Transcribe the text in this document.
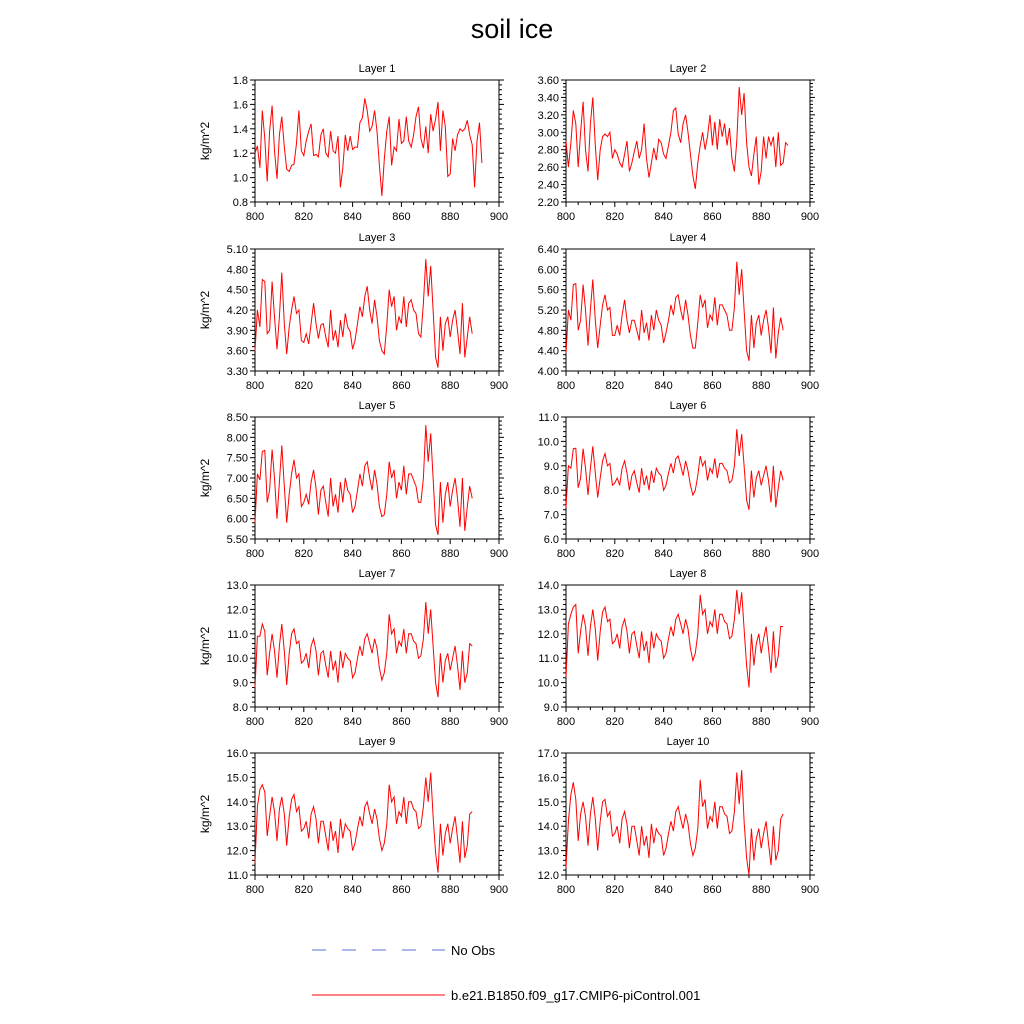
soil ice
Layer 1
kg/m^2
0.8
1.0
1.2
1.4
1.6
1.8
800	820	840	860	880	900
Layer 2
2.20
2.40
2.60
2.80
3.00
3.20
3.40
3.60
800	820	840	860	880	900
Layer 3
kg/m^2
3.30
3.60
3.90
4.20
4.50
4.80
5.10
800	820	840	860	880	900
Layer 4
4.00
4.40
4.80
5.20
5.60
6.00
6.40
800	820	840	860	880	900
Layer 5
kg/m^2
5.50
6.00
6.50
7.00
7.50
8.00
8.50
800	820	840	860	880	900
Layer 6
6.0
7.0
8.0
9.0
10.0
11.0
800	820	840	860	880	900
Layer 7
kg/m^2
8.0
9.0
10.0
11.0
12.0
13.0
800	820	840	860	880	900
Layer 8
9.0
10.0
11.0
12.0
13.0
14.0
800	820	840	860	880	900
Layer 9
kg/m^2
11.0
12.0
13.0
14.0
15.0
16.0
800	820	840	860	880	900
Layer 10
12.0
13.0
14.0
15.0
16.0
17.0
800	820	840	860	880	900
No Obs
b.e21.B1850.f09_g17.CMIP6-piControl.001
